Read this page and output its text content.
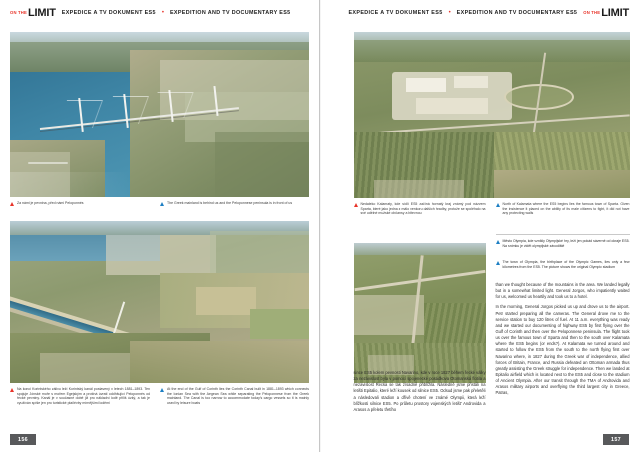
ON THE LIMIT EXPEDICE A TV DOKUMENT ES5 • EXPEDITION AND TV DOCUMENTARY ES5
Za námi je pevnina, před námi Peloponnés	The Greek mainland is behind us and the Peloponnese peninsula is in front of us
Na konci Korintského zálivu leží Korintský kanál postavený v letech 1881–1893. Ten spojuje Jónské moře s mořem Egejským a protíná úvratí oddhšující Peloponnés od řecké pevniny. Kanál je v současné době již pro nákladní lodě příliš úzký, a tak je využíván spíše jen pro turistické plaílévby mírnějšími loděmi
At the end of the Gulf of Corinth lies the Corinth Canal built in 1881–1893 which connects the Ionian Sea with the Aegean Sea while separating the Peloponnese from the Greek mainland. The Canal is too narrow to accommodate today's cargo vessels so it is mainly used by leisure boats
156
EXPEDICE A TV DOKUMENT ES5 • EXPEDITION AND TV DOCUMENTARY ES5 ON THE LIMIT
Nedaleko Kalamaty, kde sídlí ES5 začíná hornatý kraj známý pod názvem Sparta, které jako jedna z málo venkoru dalších hradby, protože se spoléhalo na své udélné mužské občansy a bitevnou
North of Kalamata where the ES5 begins lies the famous town of Sparta. Given the insistence it placed on the ability of its male citizens to fight, it did not have any protecting walls
Město Olympia, kde vznikly Olympijské hry, leží jen pokád sáverně od okraje ES5. Na snímku je vidět olympijské závodiště
The town of Olympia, the birthplace of the Olympic Games, lies only a few kilometres from the ES5. The picture shows the original Olympic stadium

since ES5 kolem pevnosti Navarino, kde v roce 1827 během řecké války za nezávislost byla v pomocí spojenecké posádkova Otomanská flotila a nezavislost Řecka se tak zísadně přiblížila. Následně jsme přistáli na letišti Epitalio, které leží kousek od silnice ES5. Odsud jsme pak přeletěli a následovali stadion a dřívě chotení ve známé Olympii, která leží blížkosti silnice ES5. Po průletu prostory vojenských letišt' Androvida a Arasos a přeletu třetího

than we thought because of the mountains in the area. We landed legally but in a somewhat limited light. General Jorgos, who impatiently waited for us, welcomed us heartily and took us to a hotel.

In the morning, General Jorgos picked us up and drove us to the airport. Petr started preparing all the cameras. The General drove me to the service station to buy 120 litres of fuel. At 11 a.m. everything was ready and we started our documenting of highway ES5 by first flying over the Gulf of Corinth and then over the Peloponnese peninsula. The flight took us over the famous town of Sparta and then to the south over Kalamata where the ES5 begins (or ends?). At Kalamata we turned around and started to follow the ES5 from the south to the north flying first over Navarino where, in 1827 during the Greek war of independence, allied forces of Britain, France, and Russia defeated an Ottoman armada thus greatly assisting the Greek struggle for independence. Then we landed at Epitalio airfield which is located next to the ES5 and close to the stadium of Ancient Olympia. After our transit through the TMA of Androvida and Arasos military airports and overflying the third largest city in Greece, Patras,

157
